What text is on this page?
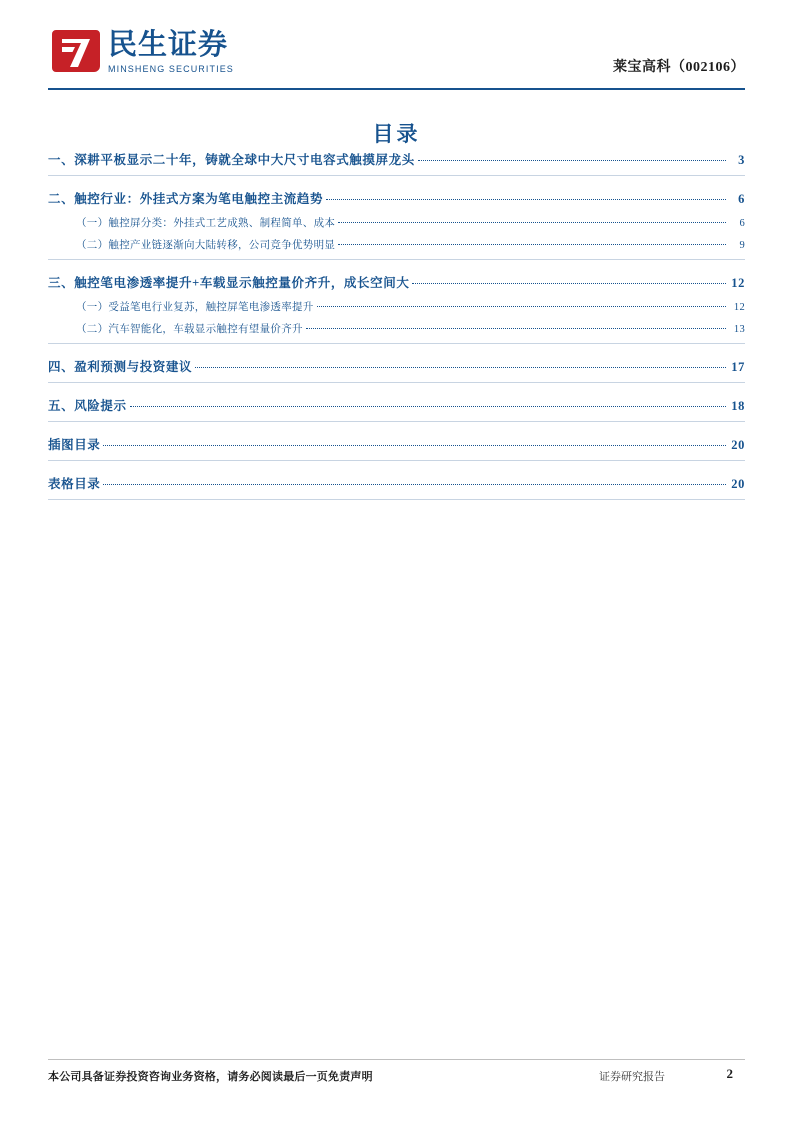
民生证券
MINSHENG SECURITIES	莱宝高科（002106）
目录
一、深耕平板显示二十年，铸就全球中大尺寸电容式触摸屏龙头	3
二、触控行业：外挂式方案为笔电触控主流趋势	6
（一）触控屏分类：外挂式工艺成熟、制程简单、成本	6
（二）触控产业链逐渐向大陆转移，公司竞争优势明显	9
三、触控笔电渗透率提升+车载显示触控量价齐升，成长空间大	12
（一）受益笔电行业复苏，触控屏笔电渗透率提升	12
（二）汽车智能化，车载显示触控有望量价齐升	13
四、盈利预测与投资建议	17
五、风险提示	18
插图目录	20
表格目录	20
本公司具备证券投资咨询业务资格，请务必阅读最后一页免责声明	证券研究报告	2
